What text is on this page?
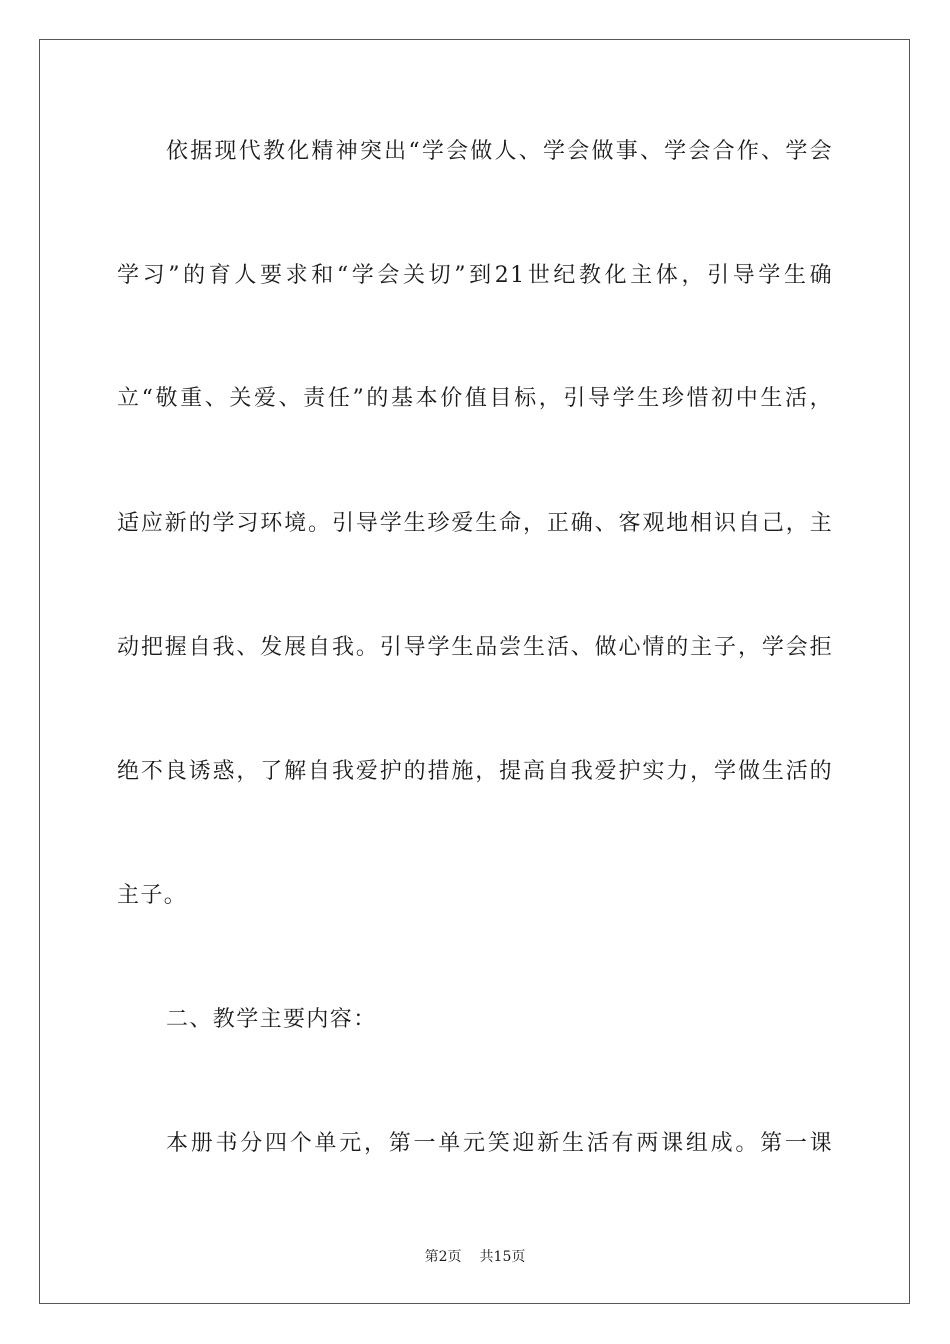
依据现代教化精神突出“学会做人、学会做事、学会合作、学会
学习”的育人要求和“学会关切”到21世纪教化主体，引导学生确
立“敬重、关爱、责任”的基本价值目标，引导学生珍惜初中生活，
适应新的学习环境。引导学生珍爱生命，正确、客观地相识自己，主
动把握自我、发展自我。引导学生品尝生活、做心情的主子，学会拒
绝不良诱惑，了解自我爱护的措施，提高自我爱护实力，学做生活的
主子。
二、教学主要内容：
本册书分四个单元，第一单元笑迎新生活有两课组成。第一课
第2页 共15页
